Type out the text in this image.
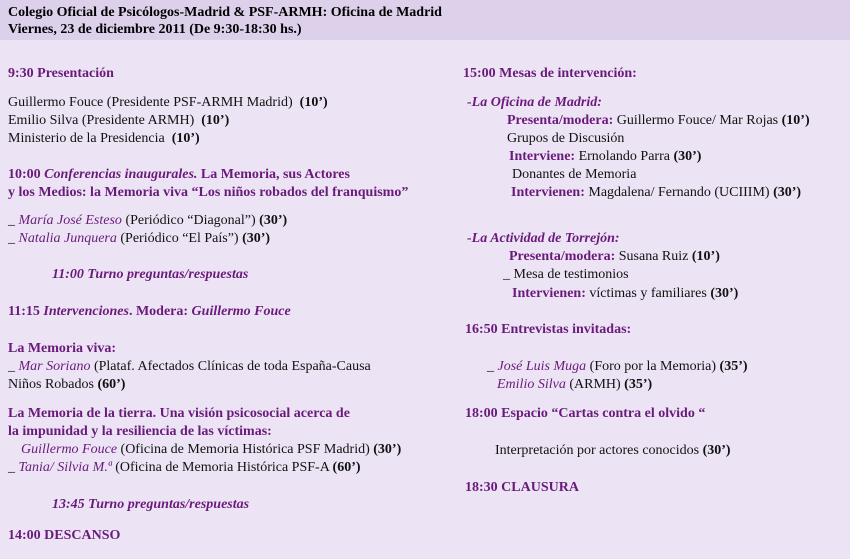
Colegio Oficial de Psicólogos-Madrid & PSF-ARMH: Oficina de Madrid
Viernes, 23 de diciembre 2011 (De 9:30-18:30 hs.)
9:30 Presentación
Guillermo Fouce (Presidente PSF-ARMH Madrid) (10’)
Emilio Silva (Presidente ARMH) (10’)
Ministerio de la Presidencia (10’)
10:00 Conferencias inaugurales. La Memoria, sus Actores
y los Medios: la Memoria viva “Los niños robados del franquismo”
_ María José Esteso (Periódico “Diagonal”) (30’)
_ Natalia Junquera (Periódico “El País”) (30’)
11:00 Turno preguntas/respuestas
11:15 Intervenciones. Modera: Guillermo Fouce
La Memoria viva:
_ Mar Soriano (Plataf. Afectados Clínicas de toda España-Causa
Niños Robados (60’)
La Memoria de la tierra. Una visión psicosocial acerca de
la impunidad y la resiliencia de las víctimas:
Guillermo Fouce (Oficina de Memoria Histórica PSF Madrid) (30’)
_ Tania/ Silvia M.ª (Oficina de Memoria Histórica PSF-A (60’)
13:45 Turno preguntas/respuestas
14:00 DESCANSO
15:00 Mesas de intervención:
-La Oficina de Madrid:
Presenta/modera: Guillermo Fouce/ Mar Rojas (10’)
Grupos de Discusión
Interviene: Ernolando Parra (30’)
Donantes de Memoria
Intervienen: Magdalena/ Fernando (UCIIIM) (30’)
-La Actividad de Torrejón:
Presenta/modera: Susana Ruiz (10’)
_ Mesa de testimonios
Intervienen: víctimas y familiares (30’)
16:50 Entrevistas invitadas:
_ José Luis Muga (Foro por la Memoria) (35’)
Emilio Silva (ARMH) (35’)
18:00 Espacio “Cartas contra el olvido “
Interpretación por actores conocidos (30’)
18:30 CLAUSURA
